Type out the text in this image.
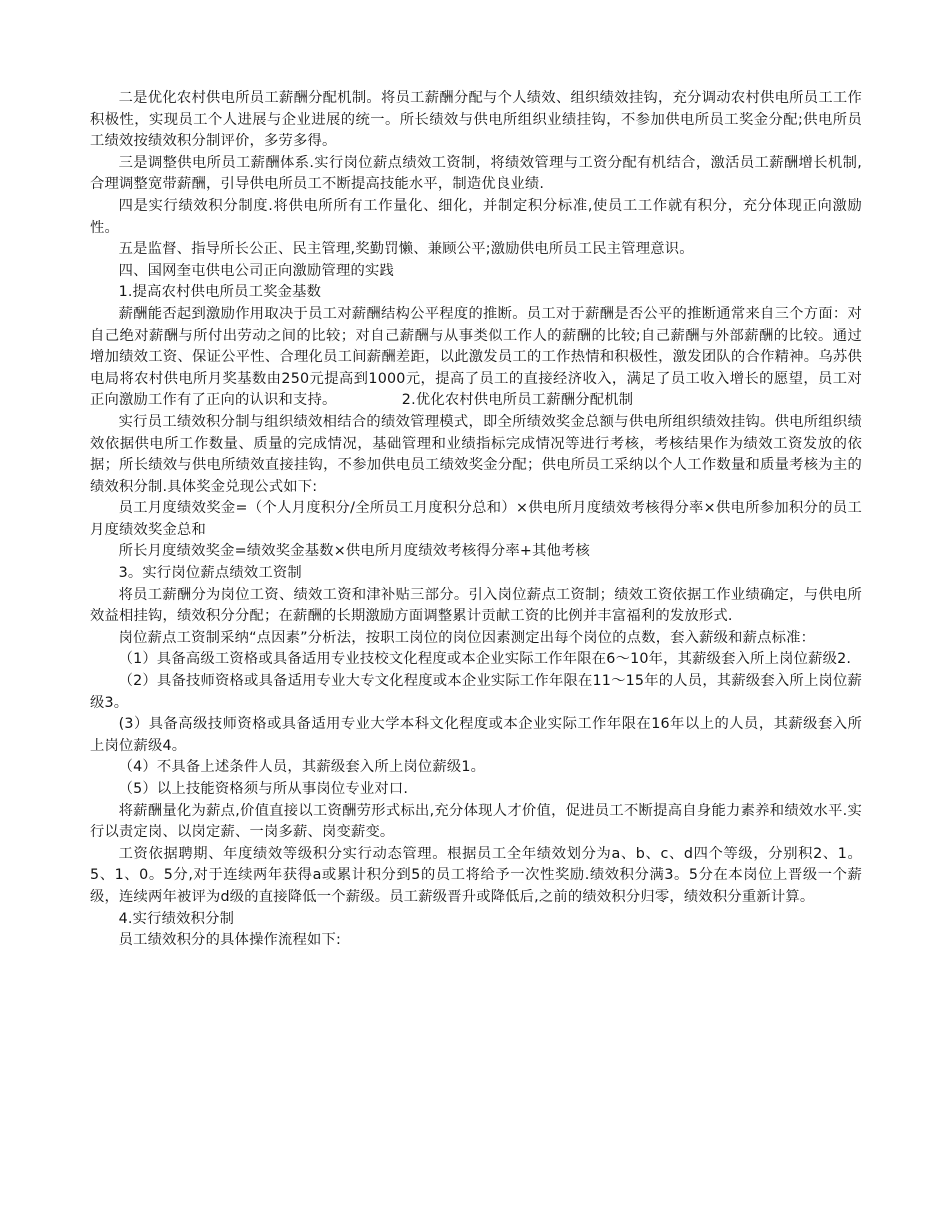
二是优化农村供电所员工薪酬分配机制。将员工薪酬分配与个人绩效、组织绩效挂钩，充分调动农村供电所员工工作积极性，实现员工个人进展与企业进展的统一。所长绩效与供电所组织业绩挂钩，不参加供电所员工奖金分配;供电所员工绩效按绩效积分制评价，多劳多得。

三是调整供电所员工薪酬体系.实行岗位薪点绩效工资制，将绩效管理与工资分配有机结合，激活员工薪酬增长机制,合理调整宽带薪酬，引导供电所员工不断提高技能水平，制造优良业绩.

四是实行绩效积分制度.将供电所所有工作量化、细化，并制定积分标准,使员工工作就有积分，充分体现正向激励性。

五是监督、指导所长公正、民主管理,奖勤罚懒、兼顾公平;激励供电所员工民主管理意识。

四、国网奎屯供电公司正向激励管理的实践

1.提高农村供电所员工奖金基数

薪酬能否起到激励作用取决于员工对薪酬结构公平程度的推断。员工对于薪酬是否公平的推断通常来自三个方面：对自己绝对薪酬与所付出劳动之间的比较；对自己薪酬与从事类似工作人的薪酬的比较;自己薪酬与外部薪酬的比较。通过增加绩效工资、保证公平性、合理化员工间薪酬差距，以此激发员工的工作热情和积极性，激发团队的合作精神。乌苏供电局将农村供电所月奖基数由250元提高到1000元，提高了员工的直接经济收入，满足了员工收入增长的愿望，员工对正向激励工作有了正向的认识和支持。　　　　　2.优化农村供电所员工薪酬分配机制

实行员工绩效积分制与组织绩效相结合的绩效管理模式，即全所绩效奖金总额与供电所组织绩效挂钩。供电所组织绩效依据供电所工作数量、质量的完成情况，基础管理和业绩指标完成情况等进行考核，考核结果作为绩效工资发放的依据；所长绩效与供电所绩效直接挂钩，不参加供电员工绩效奖金分配；供电所员工采纳以个人工作数量和质量考核为主的绩效积分制.具体奖金兑现公式如下:

员工月度绩效奖金=（个人月度积分/全所员工月度积分总和）×供电所月度绩效考核得分率×供电所参加积分的员工月度绩效奖金总和

所长月度绩效奖金=绩效奖金基数×供电所月度绩效考核得分率+其他考核

3。实行岗位薪点绩效工资制

将员工薪酬分为岗位工资、绩效工资和津补贴三部分。引入岗位薪点工资制；绩效工资依据工作业绩确定，与供电所效益相挂钩，绩效积分分配；在薪酬的长期激励方面调整累计贡献工资的比例并丰富福利的发放形式.

岗位薪点工资制采纳“点因素”分析法，按职工岗位的岗位因素测定出每个岗位的点数，套入薪级和薪点标准：

（1）具备高级工资格或具备适用专业技校文化程度或本企业实际工作年限在6～10年，其薪级套入所上岗位薪级2.

（2）具备技师资格或具备适用专业大专文化程度或本企业实际工作年限在11～15年的人员，其薪级套入所上岗位薪级3。

(3）具备高级技师资格或具备适用专业大学本科文化程度或本企业实际工作年限在16年以上的人员，其薪级套入所上岗位薪级4。

（4）不具备上述条件人员，其薪级套入所上岗位薪级1。

（5）以上技能资格须与所从事岗位专业对口.

将薪酬量化为薪点,价值直接以工资酬劳形式标出,充分体现人才价值，促进员工不断提高自身能力素养和绩效水平.实行以责定岗、以岗定薪、一岗多薪、岗变薪变。

工资依据聘期、年度绩效等级积分实行动态管理。根据员工全年绩效划分为a、b、c、d四个等级，分别积2、1。5、1、0。5分,对于连续两年获得a或累计积分到5的员工将给予一次性奖励.绩效积分满3。5分在本岗位上晋级一个薪级，连续两年被评为d级的直接降低一个薪级。员工薪级晋升或降低后,之前的绩效积分归零，绩效积分重新计算。

4.实行绩效积分制

员工绩效积分的具体操作流程如下:
